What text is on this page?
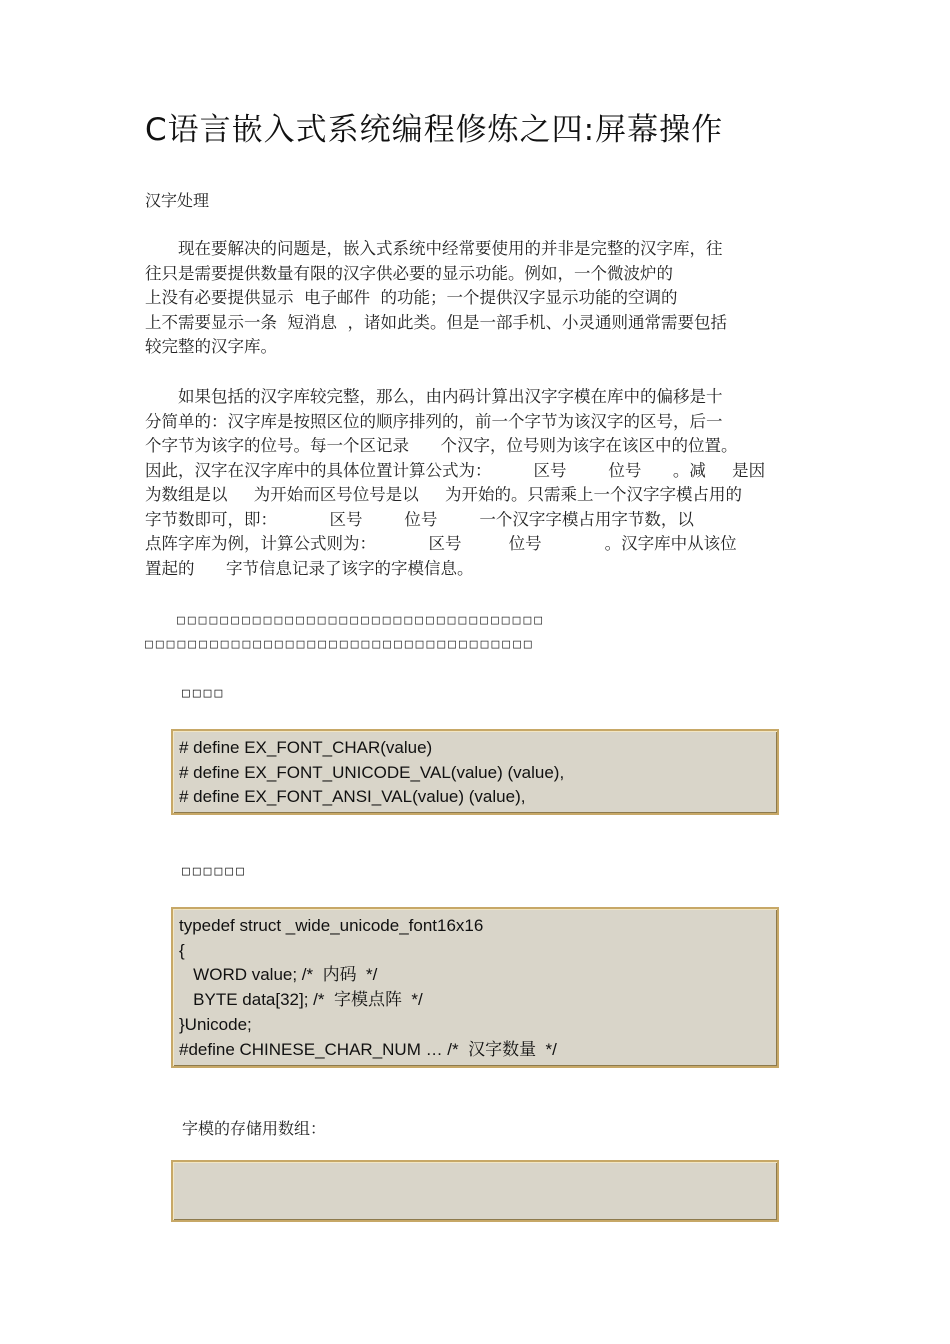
C语言嵌入式系统编程修炼之四:屏幕操作
汉字处理
　　现在要解决的问题是，嵌入式系统中经常要使用的并非是完整的汉字库，往
往只是需要提供数量有限的汉字供必要的显示功能。例如，一个微波炉的
上没有必要提供显示  电子邮件  的功能；一个提供汉字显示功能的空调的
上不需要显示一条  短消息  ，诸如此类。但是一部手机、小灵通则通常需要包括
较完整的汉字库。
　　如果包括的汉字库较完整，那么，由内码计算出汉字字模在库中的偏移是十
分简单的：汉字库是按照区位的顺序排列的，前一个字节为该汉字的区号，后一
个字节为该字的位号。每一个区记录      个汉字，位号则为该字在该区中的位置。
因此，汉字在汉字库中的具体位置计算公式为：        区号        位号      。减     是因
为数组是以     为开始而区号位号是以     为开始的。只需乘上一个汉字字模占用的
字节数即可，即：          区号        位号        一个汉字字模占用字节数，以
点阵字库为例，计算公式则为：          区号         位号            。汉字库中从该位
置起的      字节信息记录了该字的字模信息。
　　□□□□□□□□□□□□□□□□□□□□□□□□□□□□□□□□□□
□□□□□□□□□□□□□□□□□□□□□□□□□□□□□□□□□□□□
□□□□
# define EX_FONT_CHAR(value)
# define EX_FONT_UNICODE_VAL(value) (value),
# define EX_FONT_ANSI_VAL(value) (value),
□□□□□□
typedef struct _wide_unicode_font16x16
{
WORD value; /*  内码  */
BYTE data[32]; /*  字模点阵  */
}Unicode;
#define CHINESE_CHAR_NUM … /*  汉字数量  */
字模的存储用数组：
